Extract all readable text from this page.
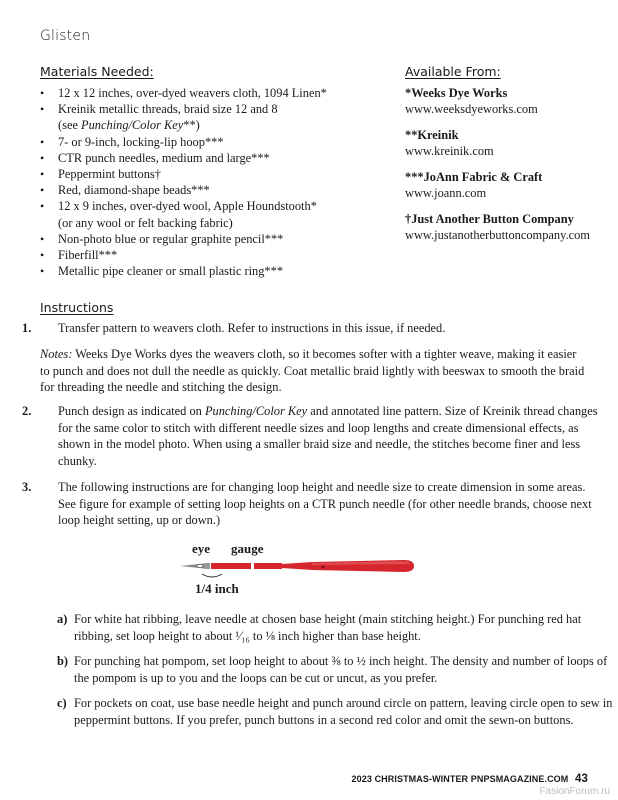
Glisten
Materials Needed:
• 12 x 12 inches, over-dyed weavers cloth, 1094 Linen*
• Kreinik metallic threads, braid size 12 and 8
(see Punching/Color Key**)
• 7- or 9-inch, locking-lip hoop***
• CTR punch needles, medium and large***
• Peppermint buttons†
• Red, diamond-shape beads***
• 12 x 9 inches, over-dyed wool, Apple Houndstooth*
(or any wool or felt backing fabric)
• Non-photo blue or regular graphite pencil***
• Fiberfill***
• Metallic pipe cleaner or small plastic ring***
Available From:
*Weeks Dye Works
www.weeksdyeworks.com
**Kreinik
www.kreinik.com
***JoAnn Fabric & Craft
www.joann.com
†Just Another Button Company
www.justanotherbuttoncompany.com
Instructions
1. Transfer pattern to weavers cloth. Refer to instructions in this issue, if needed.
Notes: Weeks Dye Works dyes the weavers cloth, so it becomes softer with a tighter weave, making it easier to punch and does not dull the needle as quickly. Coat metallic braid lightly with beeswax to smooth the braid for threading the needle and stitching the design.
2. Punch design as indicated on Punching/Color Key and annotated line pattern. Size of Kreinik thread changes for the same color to stitch with different needle sizes and loop lengths and create dimensional effects, as shown in the model photo. When using a smaller braid size and needle, the stitches become finer and less chunky.
3. The following instructions are for changing loop height and needle size to create dimension in some areas. See figure for example of setting loop heights on a CTR punch needle (for other needle brands, choose next loop height setting, up or down.)
eye gauge
1/4 inch
a) For white hat ribbing, leave needle at chosen base height (main stitching height.) For punching red hat ribbing, set loop height to about ¹⁄₁₆ to ⅛ inch higher than base height.
b) For punching hat pompom, set loop height to about ⅜ to ½ inch height. The density and number of loops of the pompom is up to you and the loops can be cut or uncut, as you prefer.
c) For pockets on coat, use base needle height and punch around circle on pattern, leaving circle open to sew in peppermint buttons. If you prefer, punch buttons in a second red color and omit the sewn-on buttons.
2023 CHRISTMAS-WINTER PNPSMAGAZINE.COM 43
FasionForum.ru
